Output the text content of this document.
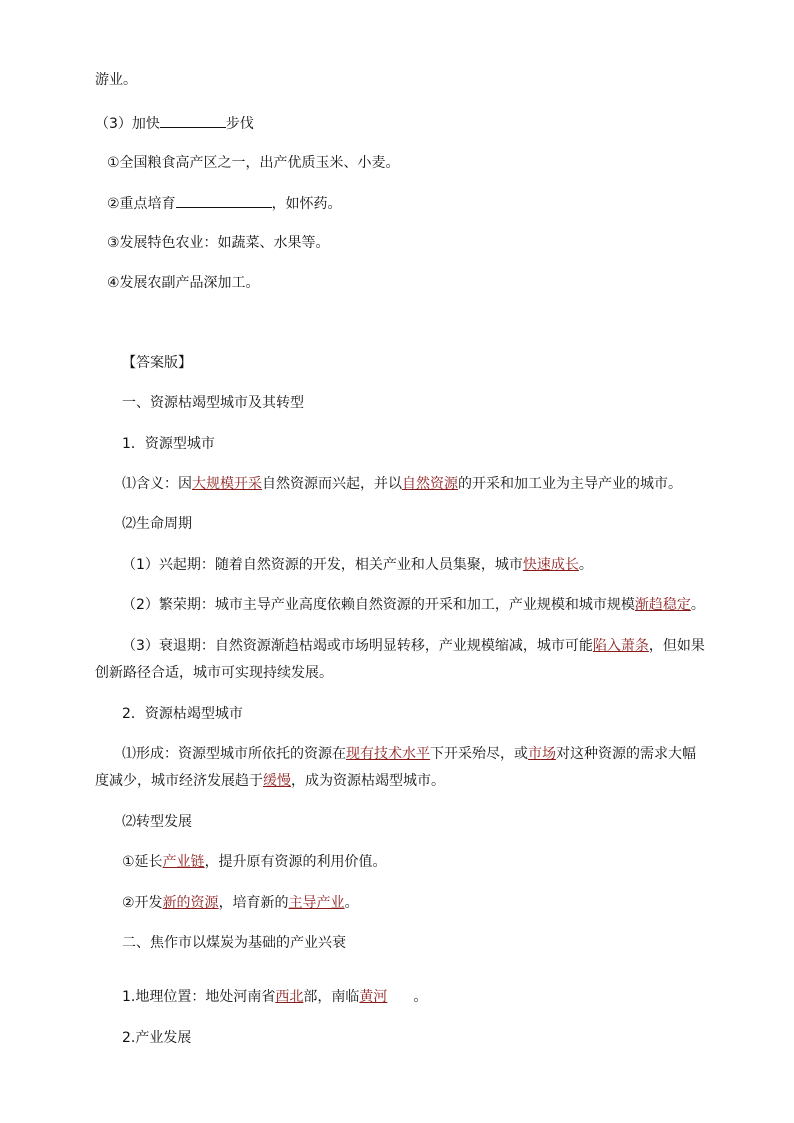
游业。
（3）加快	步伐
①全国粮食高产区之一，出产优质玉米、小麦。
②重点培育	，如怀药。
③发展特色农业：如蔬菜、水果等。
④发展农副产品深加工。
【答案版】
一、资源枯竭型城市及其转型
1．资源型城市
⑴含义：因大规模开采自然资源而兴起，并以自然资源的开采和加工业为主导产业的城市。
⑵生命周期
（1）兴起期：随着自然资源的开发，相关产业和人员集聚，城市快速成长。
（2）繁荣期：城市主导产业高度依赖自然资源的开采和加工，产业规模和城市规模渐趋稳定。
（3）衰退期：自然资源渐趋枯竭或市场明显转移，产业规模缩减，城市可能陷入萧条，但如果
创新路径合适，城市可实现持续发展。
2．资源枯竭型城市
⑴形成：资源型城市所依托的资源在现有技术水平下开采殆尽，或市场对这种资源的需求大幅
度减少，城市经济发展趋于缓慢，成为资源枯竭型城市。
⑵转型发展
①延长产业链，提升原有资源的利用价值。
②开发新的资源，培育新的主导产业。
二、焦作市以煤炭为基础的产业兴衰
1.地理位置：地处河南省西北部，南临黄河 。
2.产业发展
